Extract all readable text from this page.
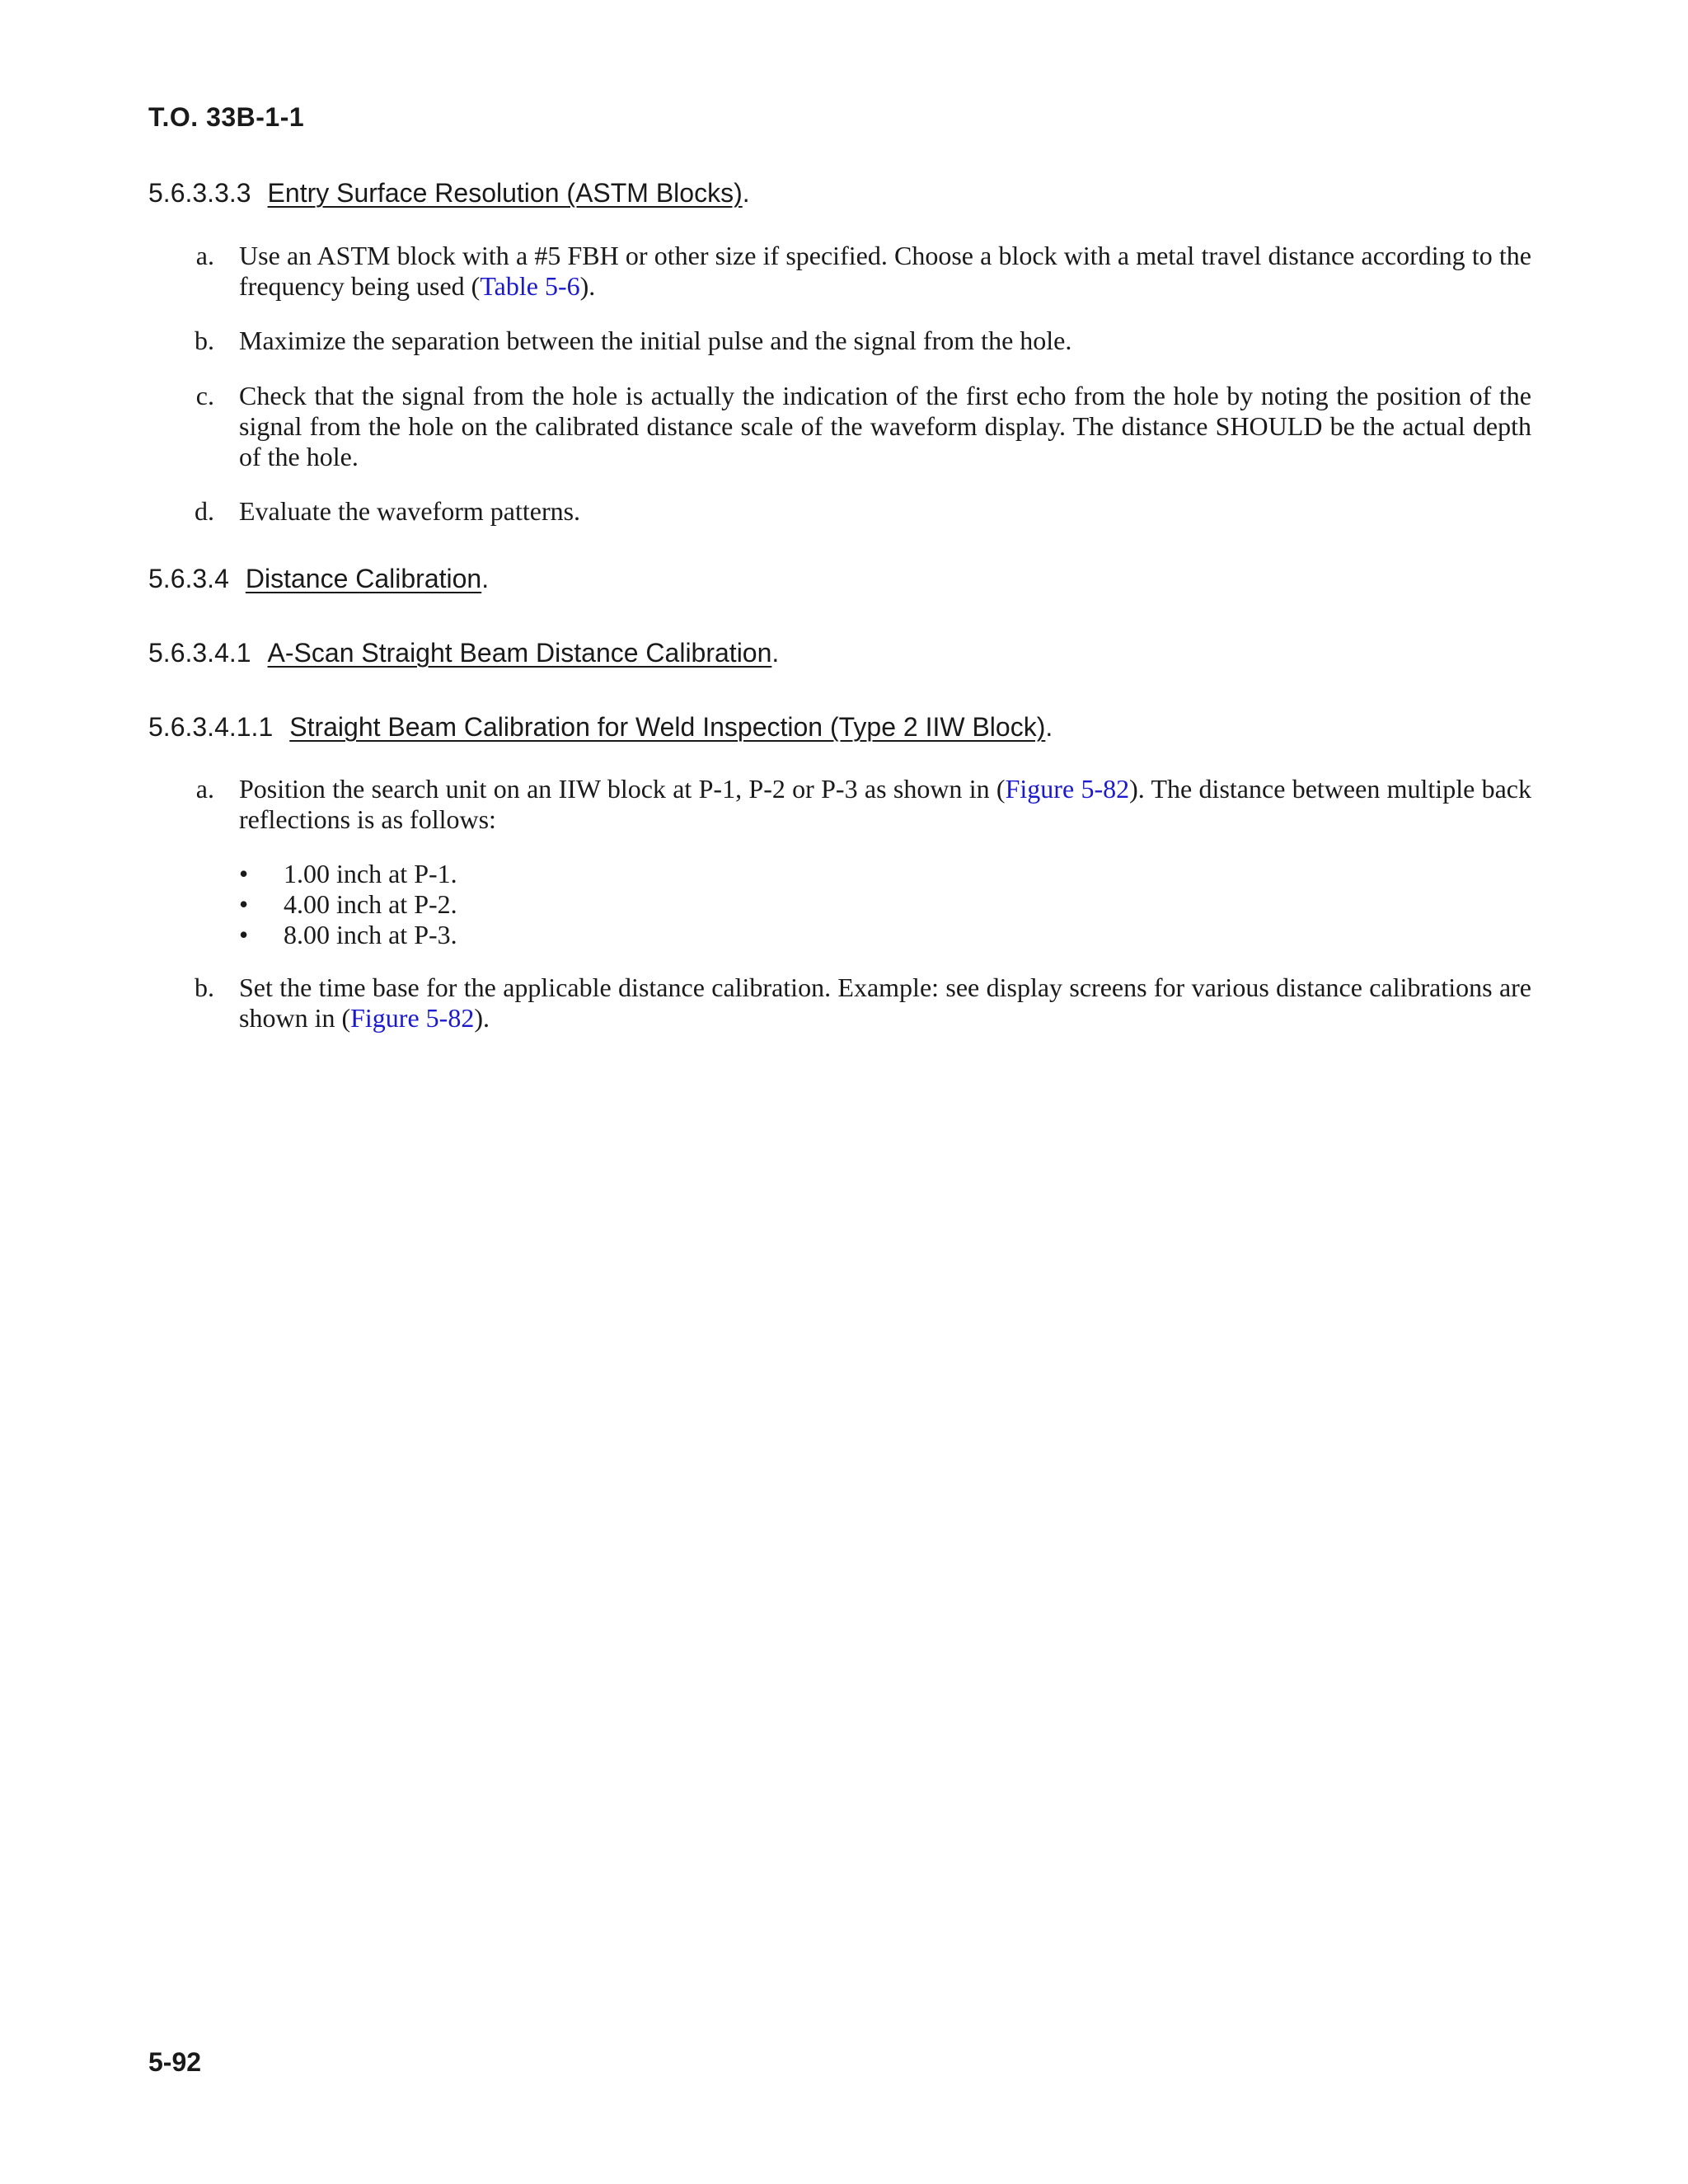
T.O. 33B-1-1
5.6.3.3.3 Entry Surface Resolution (ASTM Blocks).
a. Use an ASTM block with a #5 FBH or other size if specified. Choose a block with a metal travel distance according to the frequency being used (Table 5-6).
b. Maximize the separation between the initial pulse and the signal from the hole.
c. Check that the signal from the hole is actually the indication of the first echo from the hole by noting the position of the signal from the hole on the calibrated distance scale of the waveform display. The distance SHOULD be the actual depth of the hole.
d. Evaluate the waveform patterns.
5.6.3.4 Distance Calibration.
5.6.3.4.1 A-Scan Straight Beam Distance Calibration.
5.6.3.4.1.1 Straight Beam Calibration for Weld Inspection (Type 2 IIW Block).
a. Position the search unit on an IIW block at P-1, P-2 or P-3 as shown in (Figure 5-82). The distance between multiple back reflections is as follows:
• 1.00 inch at P-1.
• 4.00 inch at P-2.
• 8.00 inch at P-3.
b. Set the time base for the applicable distance calibration. Example: see display screens for various distance calibrations are shown in (Figure 5-82).
5-92
